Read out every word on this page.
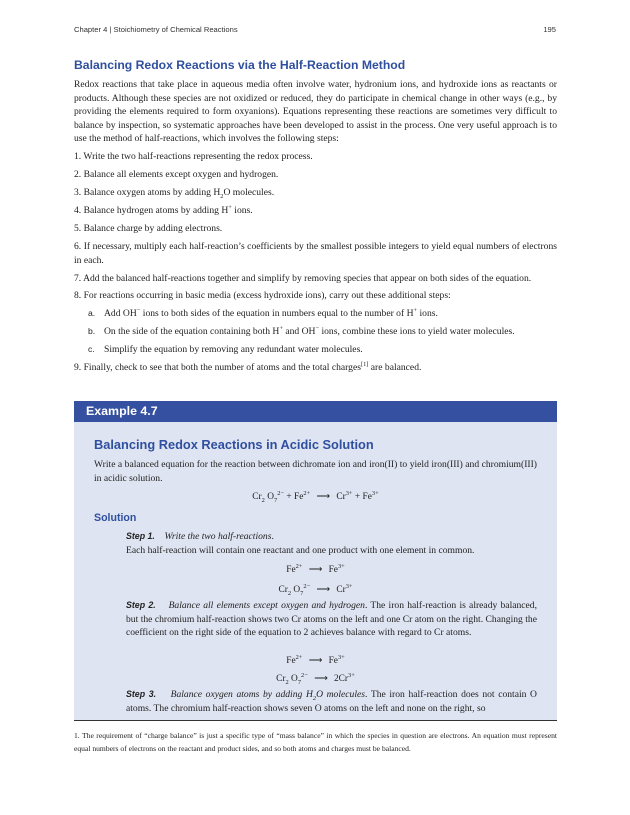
Chapter 4 | Stoichiometry of Chemical Reactions	195
Balancing Redox Reactions via the Half-Reaction Method

Redox reactions that take place in aqueous media often involve water, hydronium ions, and hydroxide ions as reactants or products. Although these species are not oxidized or reduced, they do participate in chemical change in other ways (e.g., by providing the elements required to form oxyanions). Equations representing these reactions are sometimes very difficult to balance by inspection, so systematic approaches have been developed to assist in the process. One very useful approach is to use the method of half-reactions, which involves the following steps:

1. Write the two half-reactions representing the redox process.

2. Balance all elements except oxygen and hydrogen.

3. Balance oxygen atoms by adding $H_2O$ molecules.

4. Balance hydrogen atoms by adding H+ ions.

5. Balance charge by adding electrons.

6. If necessary, multiply each half-reaction’s coefficients by the smallest possible integers to yield equal numbers of electrons in each.

7. Add the balanced half-reactions together and simplify by removing species that appear on both sides of the equation.

8. For reactions occurring in basic media (excess hydroxide ions), carry out these additional steps:

a. Add OH− ions to both sides of the equation in numbers equal to the number of H+ ions.

b. On the side of the equation containing both H+ and OH− ions, combine these ions to yield water molecules.

c. Simplify the equation by removing any redundant water molecules.

9. Finally, check to see that both the number of atoms and the total charges[1] are balanced.

Example 4.7
Balancing Redox Reactions in Acidic Solution
Write a balanced equation for the reaction between dichromate ion and iron(II) to yield iron(III) and chromium(III) in acidic solution.
$Cr_2$ $O_7^{2-} + Fe^{2+}$ ⟶ $Cr^{3+} + Fe^{3+}$
Solution
Step 1. Write the two half-reactions.
Each half-reaction will contain one reactant and one product with one element in common.
$Fe^{2+}$ ⟶ $Fe^{3+}$
$Cr_2$ $O_7^{2-}$ ⟶ $Cr^{3+}$
Step 2. Balance all elements except oxygen and hydrogen. The iron half-reaction is already balanced, but the chromium half-reaction shows two Cr atoms on the left and one Cr atom on the right. Changing the coefficient on the right side of the equation to 2 achieves balance with regard to Cr atoms.
$Fe^{2+}$ ⟶ $Fe^{3+}$
$Cr_2$ $O_7^{2-}$ ⟶ $2Cr^{3+}$
Step 3. Balance oxygen atoms by adding $H_2O$ molecules. The iron half-reaction does not contain O atoms. The chromium half-reaction shows seven O atoms on the left and none on the right, so
1. The requirement of “charge balance” is just a specific type of “mass balance” in which the species in question are electrons. An equation must represent equal numbers of electrons on the reactant and product sides, and so both atoms and charges must be balanced.
